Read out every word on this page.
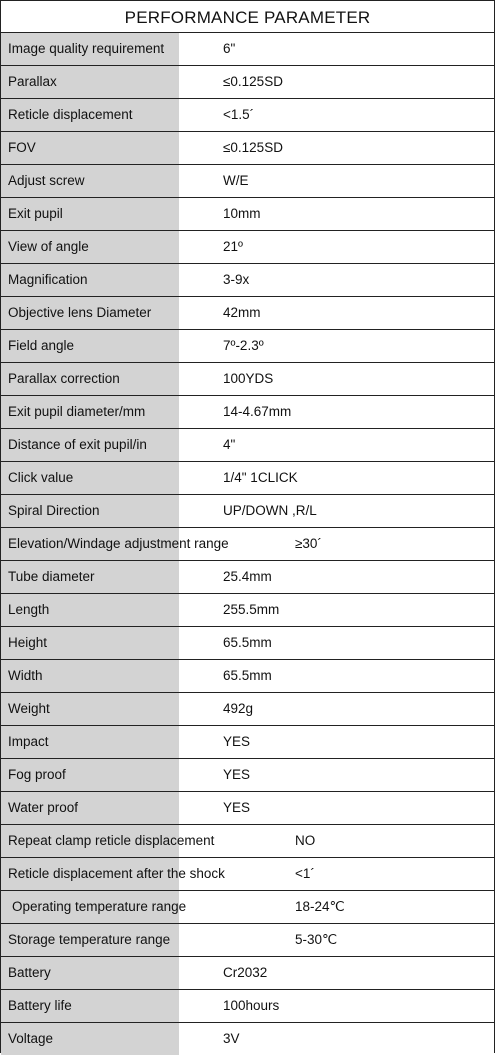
PERFORMANCE PARAMETER
Image quality requirement	6"
Parallax	≤0.125SD
Reticle displacement	<1.5´
FOV	≤0.125SD
Adjust screw	W/E
Exit pupil	10mm
View of angle	21º
Magnification	3-9x
Objective lens Diameter	42mm
Field angle	7º-2.3º
Parallax correction	100YDS
Exit pupil diameter/mm	14-4.67mm
Distance of exit pupil/in	4"
Click value	1/4" 1CLICK
Spiral Direction	UP/DOWN ,R/L
Elevation/Windage adjustment range	≥30´
Tube diameter	25.4mm
Length	255.5mm
Height	65.5mm
Width	65.5mm
Weight	492g
Impact	YES
Fog proof	YES
Water proof	YES
Repeat clamp reticle displacement	NO
Reticle displacement after the shock	<1´
Operating temperature range	18-24℃
Storage temperature range	5-30℃
Battery	Cr2032
Battery life	100hours
Voltage	3V
